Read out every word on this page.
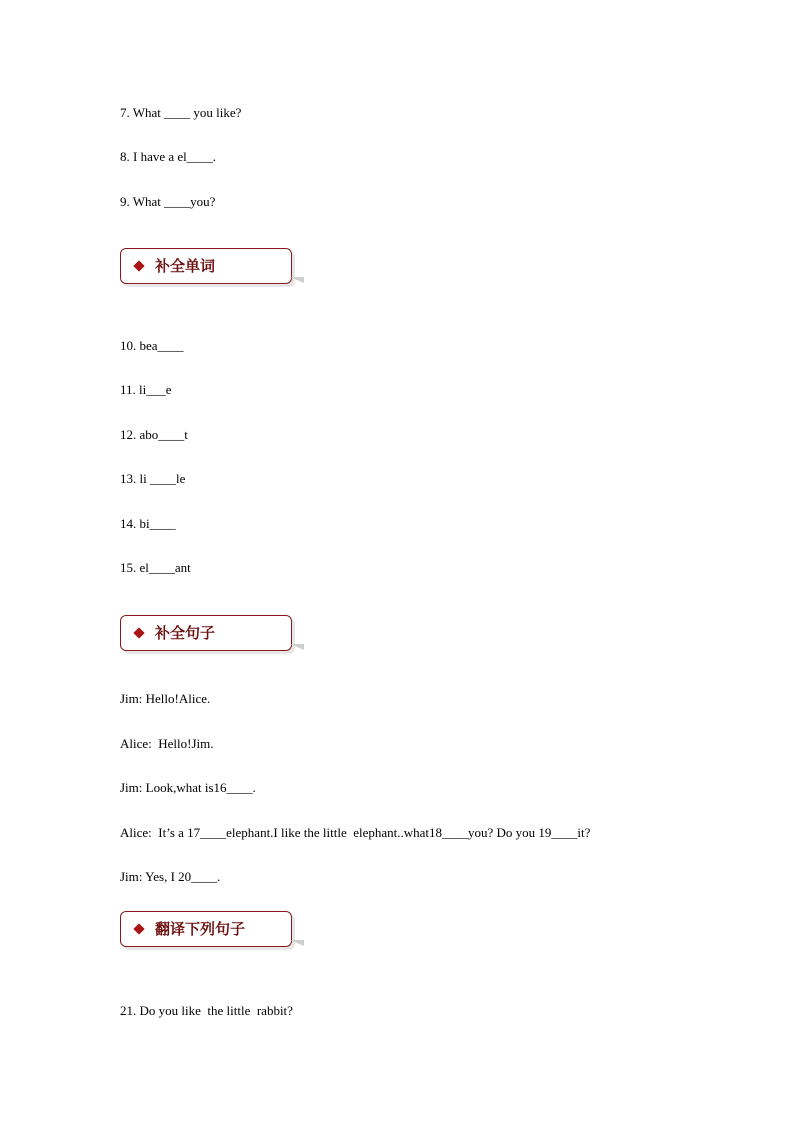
7. What ____ you like?
8. I have a el____.
9. What ____you?
补全单词
10. bea____
11. li___e
12. abo____t
13. li ____le
14. bi____
15. el____ant
补全句子
Jim: Hello!Alice.
Alice:  Hello!Jim.
Jim: Look,what is16____.
Alice:  It’s a 17____elephant.I like the little  elephant..what18____you? Do you 19____it?
Jim: Yes, I 20____.
翻译下列句子
21. Do you like  the little  rabbit?
